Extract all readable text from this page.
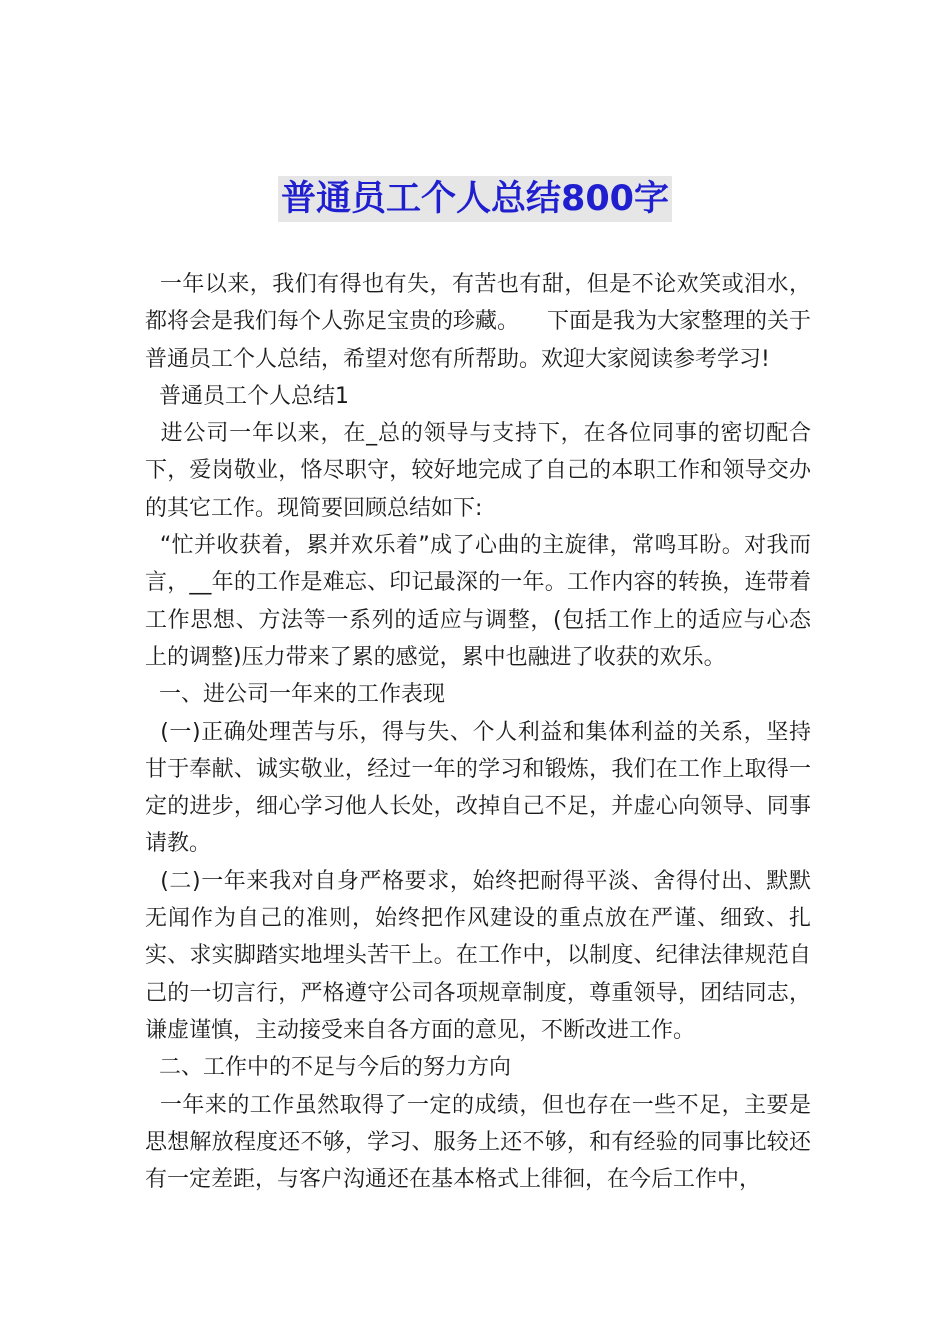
普通员工个人总结800字

一年以来，我们有得也有失，有苦也有甜，但是不论欢笑或泪水，都将会是我们每个人弥足宝贵的珍藏。    下面是我为大家整理的关于普通员工个人总结，希望对您有所帮助。欢迎大家阅读参考学习!

普通员工个人总结1

进公司一年以来，在_总的领导与支持下，在各位同事的密切配合下，爱岗敬业，恪尽职守，较好地完成了自己的本职工作和领导交办的其它工作。现简要回顾总结如下:

“忙并收获着，累并欢乐着”成了心曲的主旋律，常鸣耳盼。对我而言，__年的工作是难忘、印记最深的一年。工作内容的转换，连带着工作思想、方法等一系列的适应与调整，(包括工作上的适应与心态上的调整)压力带来了累的感觉，累中也融进了收获的欢乐。

一、进公司一年来的工作表现

(一)正确处理苦与乐，得与失、个人利益和集体利益的关系，坚持甘于奉献、诚实敬业，经过一年的学习和锻炼，我们在工作上取得一定的进步，细心学习他人长处，改掉自己不足，并虚心向领导、同事请教。

(二)一年来我对自身严格要求，始终把耐得平淡、舍得付出、默默无闻作为自己的准则，始终把作风建设的重点放在严谨、细致、扎实、求实脚踏实地埋头苦干上。在工作中，以制度、纪律法律规范自己的一切言行，严格遵守公司各项规章制度，尊重领导，团结同志，谦虚谨慎，主动接受来自各方面的意见，不断改进工作。

二、工作中的不足与今后的努力方向

一年来的工作虽然取得了一定的成绩，但也存在一些不足，主要是思想解放程度还不够，学习、服务上还不够，和有经验的同事比较还有一定差距，与客户沟通还在基本格式上徘徊，在今后工作中，
